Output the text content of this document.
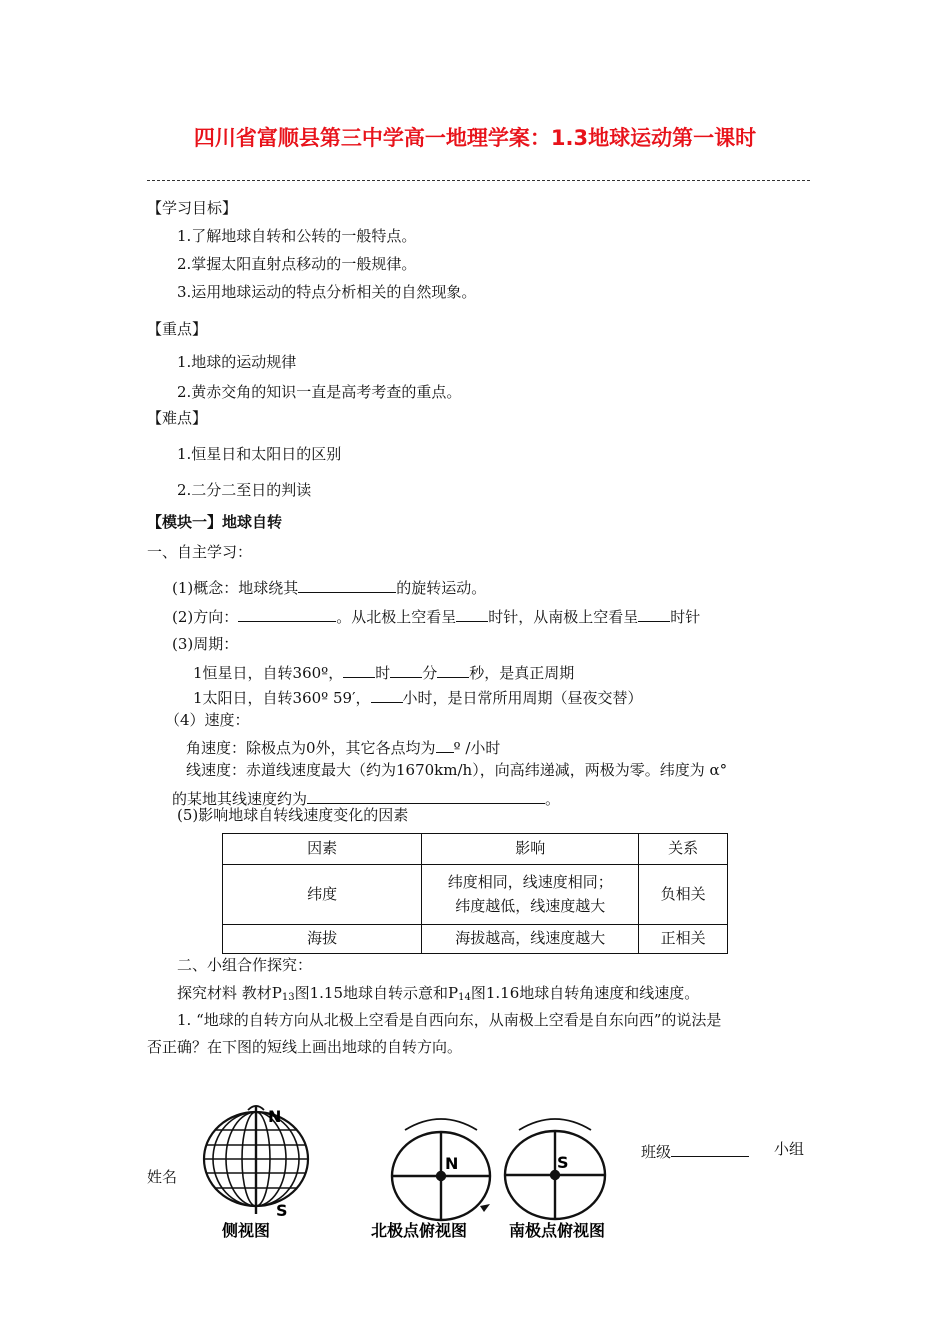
四川省富顺县第三中学高一地理学案：1.3地球运动第一课时
【学习目标】
1.了解地球自转和公转的一般特点。
2.掌握太阳直射点移动的一般规律。
3.运用地球运动的特点分析相关的自然现象。
【重点】
1.地球的运动规律
2.黄赤交角的知识一直是高考考查的重点。
【难点】
1.恒星日和太阳日的区别
2.二分二至日的判读
【模块一】地球自转
一、自主学习：
(1)概念：地球绕其	的旋转运动。
(2)方向：	。从北极上空看呈 时针，从南极上空看呈 时针
(3)周期：
1恒星日，自转360º， 时 分 秒，是真正周期
1太阳日，自转360º 59′， 小时，是日常所用周期（昼夜交替）
（4）速度：
角速度：除极点为0外，其它各点均为 º /小时
线速度：赤道线速度最大（约为1670km/h），向高纬递减，两极为零。纬度为 α°
的某地其线速度约为	。
(5)影响地球自转线速度变化的因素
因素	影响	关系
纬度	纬度相同，线速度相同；
纬度越低，线速度越大	负相关
海拔	海拔越高，线速度越大	正相关
二、小组合作探究：
探究材料 教材$P_{13}$图1.15地球自转示意和$P_{14}$图1.16地球自转角速度和线速度。
1. “地球的自转方向从北极上空看是自西向东，从南极上空看是自东向西”的说法是
否正确？在下图的短线上画出地球的自转方向。
N
S
N	S
侧视图	北极点俯视图	南极点俯视图
班级	小组
姓名
